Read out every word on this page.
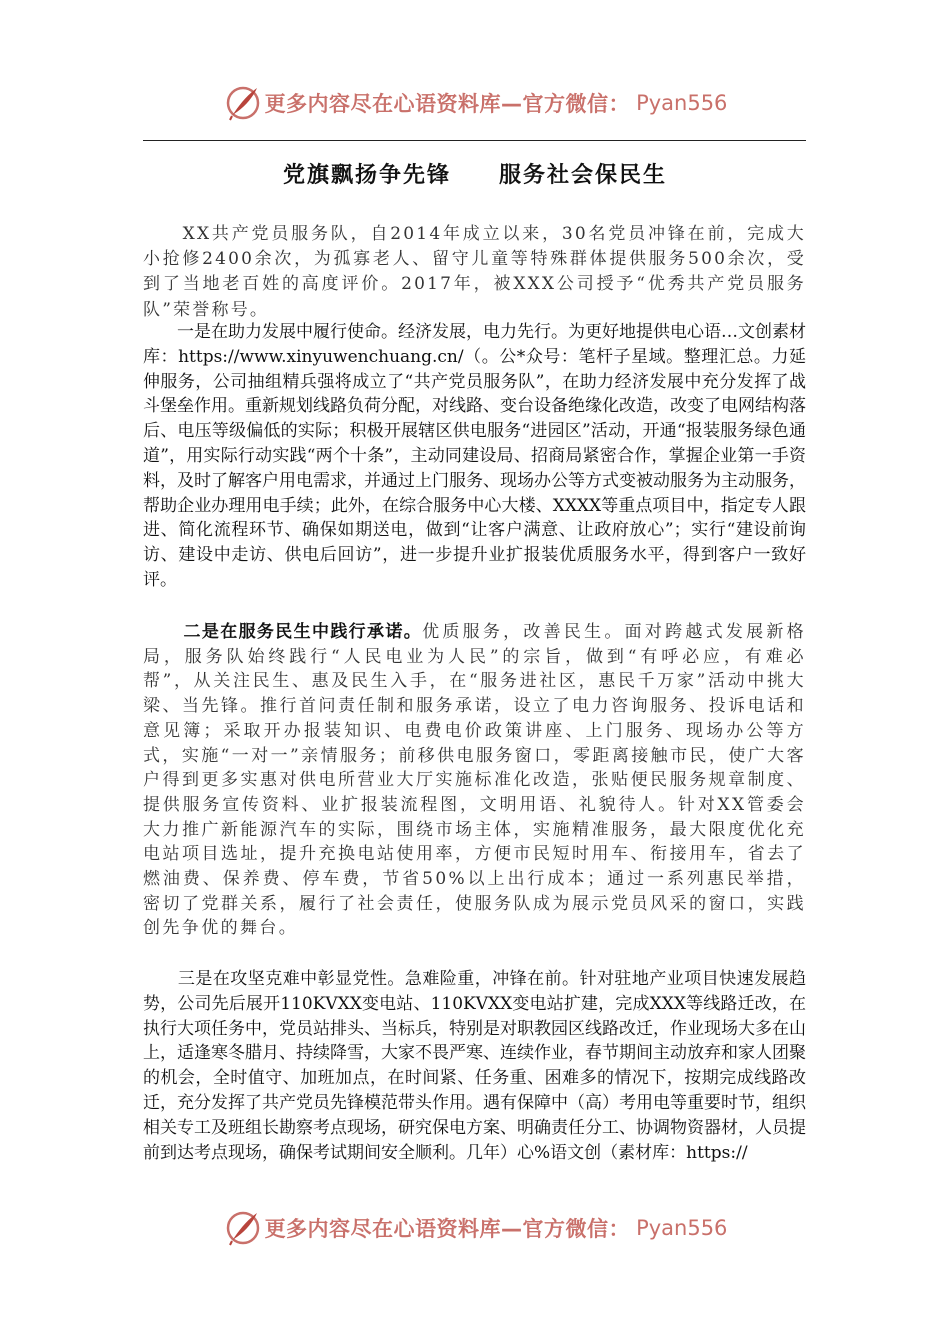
更多内容尽在心语资料库—官方微信： Pyan556
党旗飘扬争先锋　　服务社会保民生

　　XX共产党员服务队，自2014年成立以来，30名党员冲锋在前，完成大小抢修2400余次，为孤寡老人、留守儿童等特殊群体提供服务500余次，受到了当地老百姓的高度评价。2017年，被XXX公司授予“优秀共产党员服务队”荣誉称号。

　　一是在助力发展中履行使命。经济发展，电力先行。为更好地提供电心语…文创素材库：https://www.xinyuwenchuang.cn/（。公*众号：笔杆子星域。整理汇总。力延伸服务，公司抽组精兵强将成立了“共产党员服务队”，在助力经济发展中充分发挥了战斗堡垒作用。重新规划线路负荷分配，对线路、变台设备绝缘化改造，改变了电网结构落后、电压等级偏低的实际；积极开展辖区供电服务“进园区”活动，开通“报装服务绿色通道”，用实际行动实践“两个十条”，主动同建设局、招商局紧密合作，掌握企业第一手资料，及时了解客户用电需求，并通过上门服务、现场办公等方式变被动服务为主动服务，帮助企业办理用电手续；此外，在综合服务中心大楼、XXXX等重点项目中，指定专人跟进、简化流程环节、确保如期送电，做到“让客户满意、让政府放心”；实行“建设前询访、建设中走访、供电后回访”，进一步提升业扩报装优质服务水平，得到客户一致好评。

　　二是在服务民生中践行承诺。优质服务，改善民生。面对跨越式发展新格局，服务队始终践行“人民电业为人民”的宗旨，做到“有呼必应，有难必帮”，从关注民生、惠及民生入手，在“服务进社区，惠民千万家”活动中挑大梁、当先锋。推行首问责任制和服务承诺，设立了电力咨询服务、投诉电话和意见簿；采取开办报装知识、电费电价政策讲座、上门服务、现场办公等方式，实施“一对一”亲情服务；前移供电服务窗口，零距离接触市民，使广大客户得到更多实惠对供电所营业大厅实施标准化改造，张贴便民服务规章制度、提供服务宣传资料、业扩报装流程图，文明用语、礼貌待人。针对XX管委会大力推广新能源汽车的实际，围绕市场主体，实施精准服务，最大限度优化充电站项目选址，提升充换电站使用率，方便市民短时用车、衔接用车，省去了燃油费、保养费、停车费，节省50%以上出行成本；通过一系列惠民举措，密切了党群关系，履行了社会责任，使服务队成为展示党员风采的窗口，实践创先争优的舞台。

　　三是在攻坚克难中彰显党性。急难险重，冲锋在前。针对驻地产业项目快速发展趋势，公司先后展开110KVXX变电站、110KVXX变电站扩建，完成XXX等线路迁改，在执行大项任务中，党员站排头、当标兵，特别是对职教园区线路改迁，作业现场大多在山上，适逢寒冬腊月、持续降雪，大家不畏严寒、连续作业，春节期间主动放弃和家人团聚的机会，全时值守、加班加点，在时间紧、任务重、困难多的情况下，按期完成线路改迁，充分发挥了共产党员先锋模范带头作用。遇有保障中（高）考用电等重要时节，组织相关专工及班组长勘察考点现场，研究保电方案、明确责任分工、协调物资器材，人员提前到达考点现场，确保考试期间安全顺利。几年）心%语文创（素材库：https://

更多内容尽在心语资料库—官方微信： Pyan556
